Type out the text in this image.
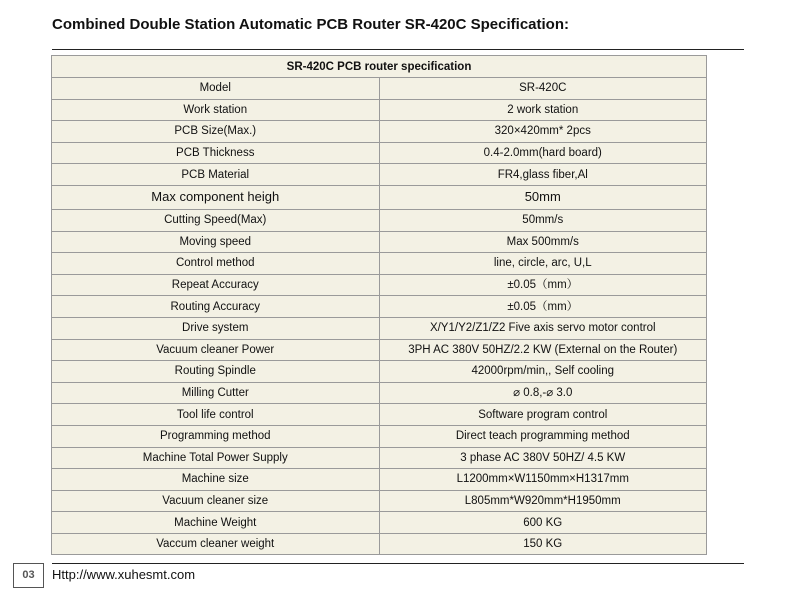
Combined Double Station Automatic PCB Router SR-420C Specification:
SR-420C PCB router specification	
Model	SR-420C
Work station	2 work station
PCB Size(Max.)	320×420mm* 2pcs
PCB Thickness	0.4-2.0mm(hard board)
PCB Material	FR4,glass fiber,Al
Max component heigh	50mm
Cutting Speed(Max)	50mm/s
Moving speed	Max 500mm/s
Control method	line, circle, arc, U,L
Repeat Accuracy	±0.05（mm）
Routing Accuracy	±0.05（mm）
Drive system	X/Y1/Y2/Z1/Z2 Five axis servo motor control
Vacuum cleaner Power	3PH AC 380V 50HZ/2.2 KW (External on the Router)
Routing Spindle	42000rpm/min,, Self cooling
Milling Cutter	⌀ 0.8,-⌀ 3.0
Tool life control	Software program control
Programming method	Direct teach programming method
Machine Total Power Supply	3 phase AC 380V 50HZ/ 4.5 KW
Machine size	L1200mm×W1150mm×H1317mm
Vacuum cleaner size	L805mm*W920mm*H1950mm
Machine Weight	600 KG
Vaccum cleaner weight	150 KG
03	Http://www.xuhesmt.com
